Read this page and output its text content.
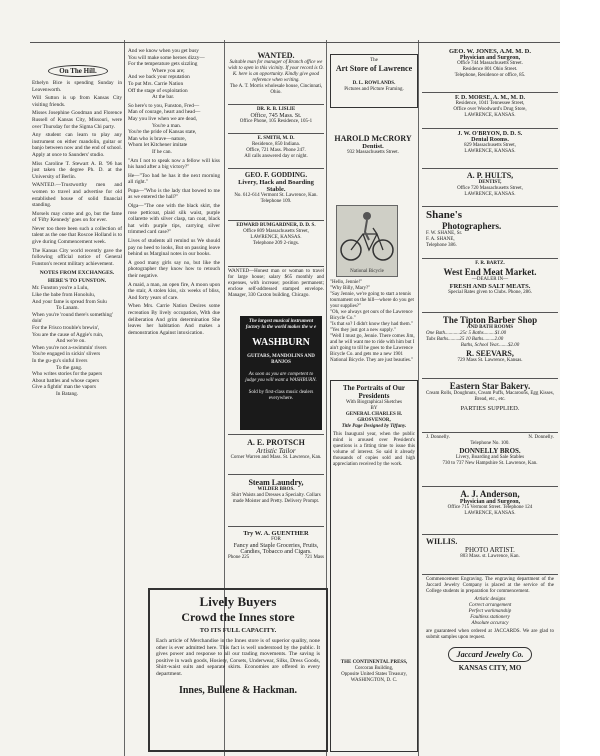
On The Hill.

Ethelyn Bice is spending Sunday in Leavenworth.

Will Sutton is up from Kansas City visiting friends.

Misses Josephine Goodman and Florence Russell of Kansas City, Missouri, were over Thursday for the Sigma Chi party.

Any student can learn to play any instrument on either mandolin, guitar or banjo between now and the end of school. Apply at once to Saunders' studio.

Miss Caroline T. Stewart A. B. '96 has just taken the degree Ph. D. at the University of Berlin.

WANTED.—Trustworthy men and women to travel and advertise for old established house of solid financial standing.

Morsels may come and go, but the fame of 'Fifty Kennedy' goes on for ever.

Never too there been such a collection of talent as the one that Roscoe Holland is to give during Commencement week.

The Kansas City world recently gave the following official notice of General Funston's recent military achievement.

NOTES FROM EXCHANGES.
HERE'S TO FUNSTON.
Mr. Funston you're a Lulu,
Like the babe from Honolulu,
And your fame is spread from Sulu
To Lanam.
When you're 'round there's something' doin'
For the Frisco trouble's brewin',
You are the cause of Aggie's ruin,
And we're on.
When you're not a-swimmin' rivers
You're engaged in sickin' slivers
In the gu-gu's sinful livers
To the gang.
Who writes stories for the papers
About battles and whose capers
Give a fightin' man the vapors
In Batang.
And we know when you get busy
You will make some heroes dizzy—
For the temperature gets sizzling
Where you are;
And we back your reputation
To put Mrs. Carrie Nation
Off the stage of exploitation
At the bar.
So here's to you, Funston, Fred—
Man of courage, heart and head—
May you live when we are dead,
You're a man.
You're the pride of Kansas state,
Man who is brave—nature,
Whom let Kitchener imitate
If he can.

"Am I not to speak now a fellow will kiss his hand after a big victory?"

He—"Too bad he has it the next morning all right."

Pupa—"Who is the lady that bowed to me as we entered the hall?"

Olga—"The one with the black skirt, the rose petticoat, plaid silk waist, purple collarette with silver clasp, tan coat, black hat with purple tips, carrying silver trimmed card case?"

Lives of students all remind us We should pay no heed to looks, But on passing leave behind us Marginal notes in our books.

A good many girls say no, but like the photographer they know how to retouch their negative.

A maid, a man, an open fire, A moon upon the stair, A stolen kiss, six weeks of bliss, And forty years of care.

When Mrs. Carrie Nation Desires some recreation By lively occupation, With due deliberation And grim determination She leaves her habitation And makes a demonstration Against intoxication.

WANTED.
Suitable man for manager of Branch office we wish to open in this vicinity. If your record is O. K. here is an opportunity. Kindly give good reference when writing.
The A. T. Morris wholesale house, Cincinnati, Ohio.
DR. R. B. LISLIE
Office, 745 Mass. St.
Office Phone, 105 Residence, 105-1
E. SMITH, M. D.
Residence, 850 Indiana.
Office, 721 Mass. Phone 247.
All calls answered day or night.
GEO. F. GODDING.
Livery, Hack and Boarding Stable.
No. 612-614 Vermont St. Lawrence, Kan.
Telephone 109.
EDWARD BUMGARDNER, D. D. S.
Office 809 Massachusetts Street,
LAWRENCE, KANSAS.
Telephone 209 2-rings.
WANTED—Honest man or woman to travel for large house; salary $65 monthly and expenses, with increase; position permanent; enclose self-addressed stamped envelope. Manager, 330 Caxton building, Chicago.
The largest musical instrument factory in the world makes the w e
WASHBURN
GUITARS, MANDOLINS AND BANJOS
As soon as you are competent to judge you will want a WASHBURN.
Sold by first-class music dealers everywhere.
A. E. PROTSCH
Artistic Tailor
Corner Warren and Mass. St. Lawrence, Kan.
Steam Laundry,
WILDER BROS.
Shirt Waists and Dresses a Specialty. Collars made Moister and Pretty. Delivery Prompt.
Try W. A. GUENTHER
FOR
Fancy and Staple Groceries, Fruits, Candies, Tobacco and Cigars.
Phone 225	721 Mass
The
Art Store of Lawrence
D. L. ROWLANDS.
Pictures and Picture Framing.
HAROLD McCRORY
Dentist.
932 Massachusetts Street.
National Bicycle
"Hello, Jennie!"
"Why Billy, Mary?"
"Say Jennie, we're going to start a tennis tournament on the hill—where do you get your supplies?"
"Oh, we always get ours of the Lawrence Bicycle Co."
"Is that so? I didn't know they had them."
"Yes they just got a new supply."
"Well I must go, Jennie. There comes Jim, and he will want me to ride with him but I ain't going to till he goes to the Lawrence Bicycle Co. and gets me a new 1901 National Bicycle. They are just beauties."
The Portraits of Our Presidents
With Biographical Sketches
BY
GENERAL CHARLES H. GROSVENOR,
Title Page Designed by Tiffany.
This Inaugural year, when the public mind is aroused over President's questions is a fitting time to issue this volume of interest. So said it already thousands of copies sold and high appreciation received by the work.
THE CONTINENTAL PRESS,
Corcoran Building,
Opposite United States Treasury, WASHINGTON, D. C.
GEO. W. JONES, A.M. M. D.
Physician and Surgeon,
Office 744 Massachusetts Street.
Residence 801 Ohio Street.
Telephone, Residence or office, 85.
F. D. MORSE, A. M., M. D.
Residence, 1041 Tennessee Street,
Office over Woodward's Drug Store,
LAWRENCE, KANSAS.
J. W. O'BRYON, D. D. S.
Dental Rooms.
829 Massachusetts Street,
LAWRENCE, KANSAS.
A. P. HULTS,
DENTIST,
Office 720 Massachusetts Street,
LAWRENCE, KANSAS.
Shane's
Photographers.
F. W. SHANE, Sr.
F. A. SHANE,
Telephone 386.
F. R. BARTZ.
West End Meat Market.
—DEALER IN—
FRESH AND SALT MEATS.
Special Rates given to Clubs. Phone, 286.
The Tipton Barber Shop
AND BATH ROOMS
One Bath............25c 5 Baths.........$1.00
Tubs Baths.........25 10 Baths.........2.00
Baths, School Year........$2.00
R. SEEVARS,
729 Mass St. Lawrence, Kansas.
Eastern Star Bakery.
Cream Rolls, Doughnuts, Cream Puffs, Macaroons, Egg Kisses, Bread, etc., etc.
PARTIES SUPPLIED.
J. Donnelly.	N. Donnelly.
Telephone No. 100.
DONNELLY BROS.
Livery, Boarding and Sale Stables
730 to 737 New Hampshire St. Lawrence, Kan.
A. J. Anderson,
Physician and Surgeon,
Office 715 Vermont Street. Telephone 124
LAWRENCE, KANSAS.
WILLIS.
PHOTO ARTIST.
803 Mass. st. Lawrence, Kan.
Commencement Engraving. The engraving department of the Jaccard Jewelry Company is placed at the service of the College students in preparation for commencement.
Artistic designs
Correct arrangement
Perfect workmanship
Faultless stationery
Absolute accuracy
are guaranteed when ordered at JACCARDS. We are glad to submit samples upon request.
Jaccard Jewelry Co.
KANSAS CITY, MO
Lively Buyers
Crowd the Innes store
TO ITS FULL CAPACITY.
Each article of Merchandise in the Innes store is of superior quality, none other is ever admitted here. This fact is well understood by the public. It gives power and response to all our trading movements. The saving is positive in wash goods, Hosiery, Corsets, Underwear, Silks, Dress Goods, Shirt-waist suits and separate skirts. Economies are offered in every department.
Innes, Bullene & Hackman.
